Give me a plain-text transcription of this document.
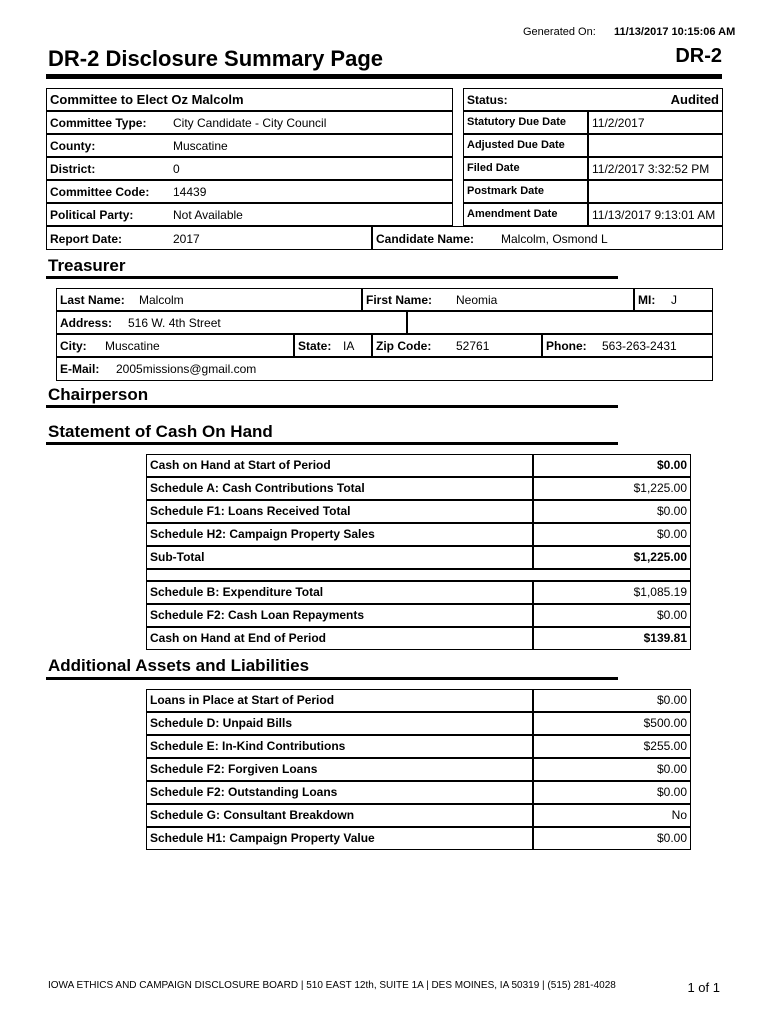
Generated On: 11/13/2017 10:15:06 AM
DR-2 Disclosure Summary Page	DR-2
Committee to Elect Oz Malcolm
Committee Type: City Candidate - City Council
County:	Muscatine
District:	0
Committee Code: 14439
Political Party:	Not Available
Report Date:	2017	Candidate Name: Malcolm, Osmond L
Status:	Audited
Statutory Due Date 11/2/2017
Adjusted Due Date
Filed Date	11/2/2017 3:32:52 PM
Postmark Date
Amendment Date	11/13/2017 9:13:01 AM
Treasurer
Last Name: Malcolm	First Name: Neomia	MI: J
Address: 516 W. 4th Street
City: Muscatine	State: IA Zip Code: 52761	Phone: 563-263-2431
E-Mail: 2005missions@gmail.com
Chairperson
Statement of Cash On Hand
Cash on Hand at Start of Period	$0.00
Schedule A: Cash Contributions Total	$1,225.00
Schedule F1: Loans Received Total	$0.00
Schedule H2: Campaign Property Sales	$0.00
Sub-Total	$1,225.00
Schedule B: Expenditure Total	$1,085.19
Schedule F2: Cash Loan Repayments	$0.00
Cash on Hand at End of Period	$139.81
Additional Assets and Liabilities
Loans in Place at Start of Period	$0.00
Schedule D: Unpaid Bills	$500.00
Schedule E: In-Kind Contributions	$255.00
Schedule F2: Forgiven Loans	$0.00
Schedule F2: Outstanding Loans	$0.00
Schedule G: Consultant Breakdown	No
Schedule H1: Campaign Property Value	$0.00
IOWA ETHICS AND CAMPAIGN DISCLOSURE BOARD | 510 EAST 12th, SUITE 1A | DES MOINES, IA 50319 | (515) 281-4028	1 of 1
